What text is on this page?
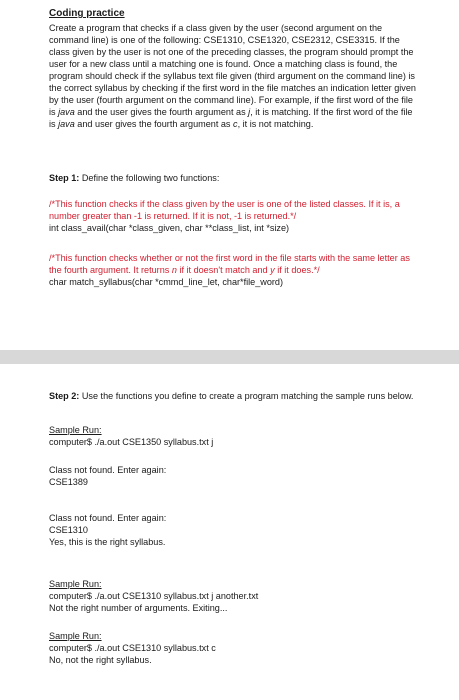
Coding practice
Create a program that checks if a class given by the user (second argument on the command line) is one of the following: CSE1310, CSE1320, CSE2312, CSE3315. If the class given by the user is not one of the preceding classes, the program should prompt the user for a new class until a matching one is found. Once a matching class is found, the program should check if the syllabus text file given (third argument on the command line) is the correct syllabus by checking if the first word in the file matches an indication letter given by the user (fourth argument on the command line). For example, if the first word of the file is java and the user gives the fourth argument as j, it is matching. If the first word of the file is java and user gives the fourth argument as c, it is not matching.
Step 1: Define the following two functions:
/*This function checks if the class given by the user is one of the listed classes. If it is, a number greater than -1 is returned. If it is not, -1 is returned.*/
int class_avail(char *class_given, char **class_list, int *size)
/*This function checks whether or not the first word in the file starts with the same letter as the fourth argument. It returns n if it doesn't match and y if it does.*/
char match_syllabus(char *cmmd_line_let, char*file_word)
Step 2: Use the functions you define to create a program matching the sample runs below.
Sample Run:
computer$ ./a.out CSE1350 syllabus.txt j
Class not found. Enter again:
CSE1389
Class not found. Enter again:
CSE1310
Yes, this is the right syllabus.
Sample Run:
computer$ ./a.out CSE1310 syllabus.txt j another.txt
Not the right number of arguments. Exiting...
Sample Run:
computer$ ./a.out CSE1310 syllabus.txt c
No, not the right syllabus.
